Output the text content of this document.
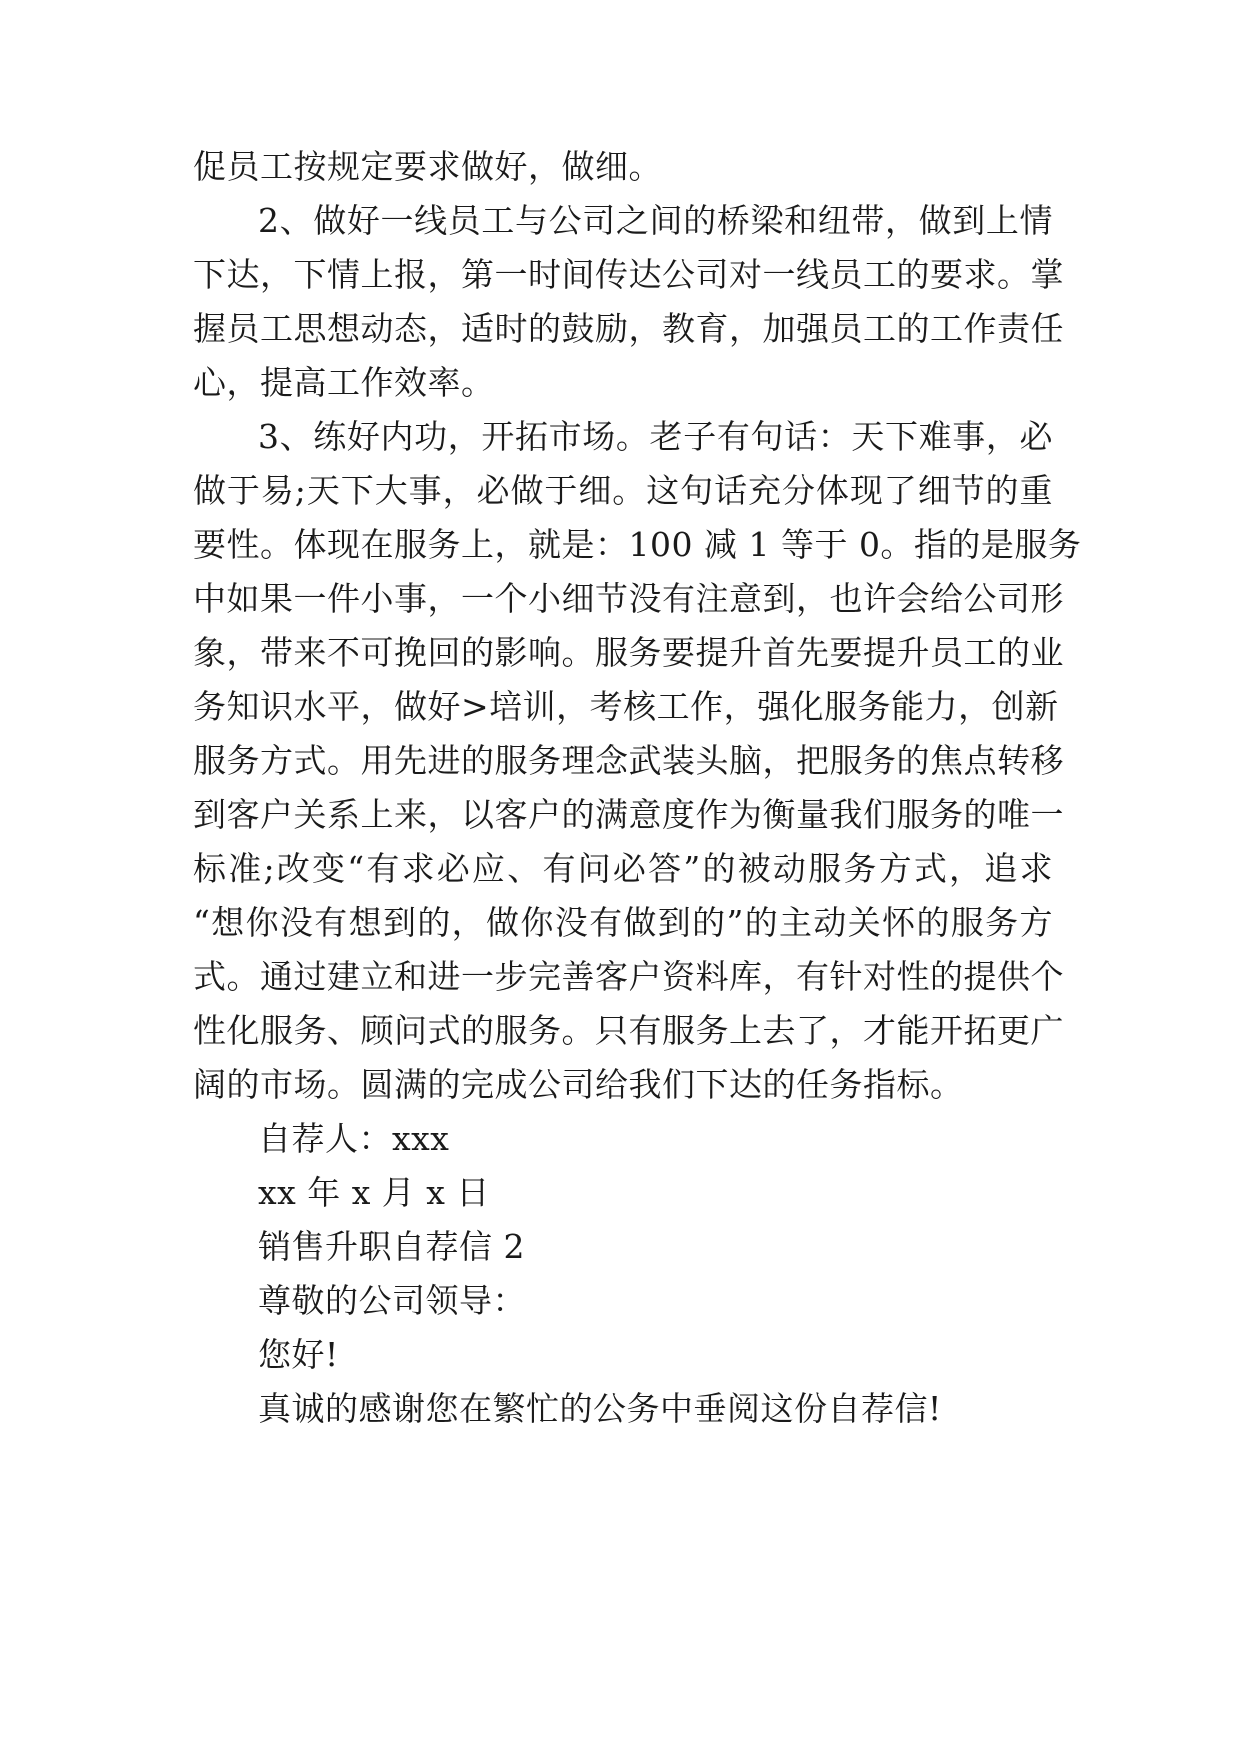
促员工按规定要求做好，做细。
2、做好一线员工与公司之间的桥梁和纽带，做到上情
下达，下情上报，第一时间传达公司对一线员工的要求。掌
握员工思想动态，适时的鼓励，教育，加强员工的工作责任
心，提高工作效率。
3、练好内功，开拓市场。老子有句话：天下难事，必
做于易;天下大事，必做于细。这句话充分体现了细节的重
要性。体现在服务上，就是：100 减 1 等于 0。指的是服务
中如果一件小事，一个小细节没有注意到，也许会给公司形
象，带来不可挽回的影响。服务要提升首先要提升员工的业
务知识水平，做好>培训，考核工作，强化服务能力，创新
服务方式。用先进的服务理念武装头脑，把服务的焦点转移
到客户关系上来，以客户的满意度作为衡量我们服务的唯一
标准;改变“有求必应、有问必答”的被动服务方式，追求
“想你没有想到的，做你没有做到的”的主动关怀的服务方
式。通过建立和进一步完善客户资料库，有针对性的提供个
性化服务、顾问式的服务。只有服务上去了，才能开拓更广
阔的市场。圆满的完成公司给我们下达的任务指标。
自荐人：xxx
xx 年 x 月 x 日
销售升职自荐信 2
尊敬的公司领导：
您好!
真诚的感谢您在繁忙的公务中垂阅这份自荐信!
